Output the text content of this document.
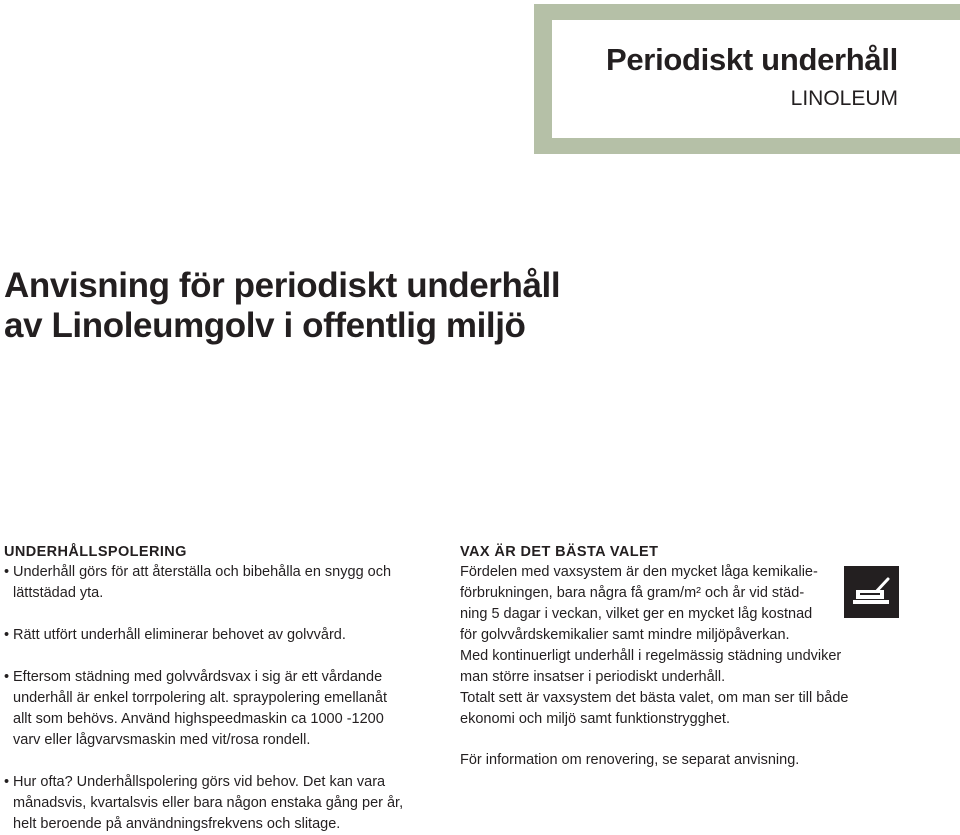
Periodiskt underhåll
LINOLEUM
Anvisning för periodiskt underhåll
av Linoleumgolv i offentlig miljö
UNDERHÅLLSPOLERING
• Underhåll görs för att återställa och bibehålla en snygg och
lättstädad yta.
• Rätt utfört underhåll eliminerar behovet av golvvård.
• Eftersom städning med golvvårdsvax i sig är ett vårdande
underhåll är enkel torrpolering alt. spraypolering emellanåt
allt som behövs. Använd highspeedmaskin ca 1000 -1200
varv eller lågvarvsmaskin med vit/rosa rondell.
• Hur ofta? Underhållspolering görs vid behov. Det kan vara
månadsvis, kvartalsvis eller bara någon enstaka gång per år,
helt beroende på användningsfrekvens och slitage.
VAX ÄR DET BÄSTA VALET
Fördelen med vaxsystem är den mycket låga kemikalie-
förbrukningen, bara några få gram/m² och år vid städ-
ning 5 dagar i veckan, vilket ger en mycket låg kostnad
för golvvårdskemikalier samt mindre miljöpåverkan.
Med kontinuerligt underhåll i regelmässig städning undviker
man större insatser i periodiskt underhåll.
Totalt sett är vaxsystem det bästa valet, om man ser till både
ekonomi och miljö samt funktionstrygghet.
För information om renovering, se separat anvisning.
